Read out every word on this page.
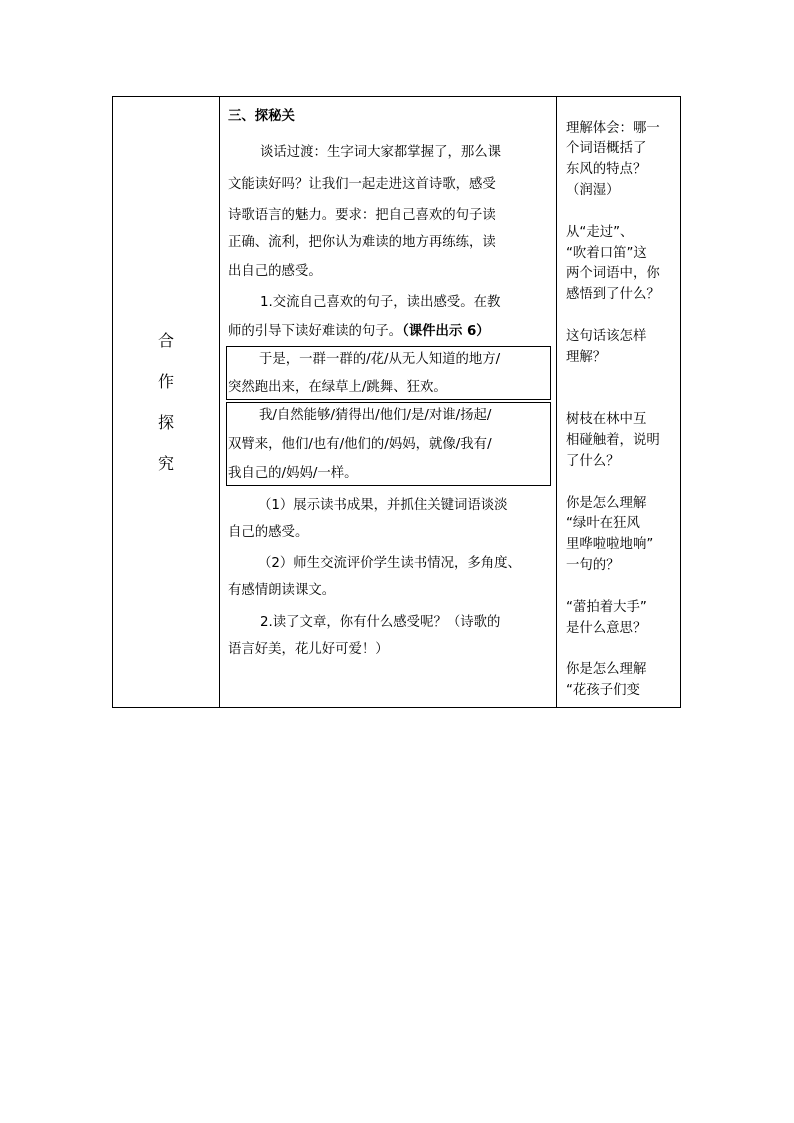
合
作
探
究
三、探秘关
谈话过渡：生字词大家都掌握了，那么课
文能读好吗？让我们一起走进这首诗歌，感受
诗歌语言的魅力。要求：把自己喜欢的句子读
正确、流利，把你认为难读的地方再练练，读
出自己的感受。
1.交流自己喜欢的句子，读出感受。在教
师的引导下读好难读的句子。（课件出示 6）
于是，一群一群的/花/从无人知道的地方/
突然跑出来，在绿草上/跳舞、狂欢。
我/自然能够/猜得出/他们/是/对谁/扬起/
双臂来，他们/也有/他们的/妈妈，就像/我有/
我自己的/妈妈/一样。
（1）展示读书成果，并抓住关键词语谈淡
自己的感受。
（2）师生交流评价学生读书情况，多角度、
有感情朗读课文。
2.读了文章，你有什么感受呢？（诗歌的
语言好美，花儿好可爱！）
理解体会：哪一
个词语概括了
东风的特点？
（润湿）
从“走过”、
“吹着口笛”这
两个词语中，你
感悟到了什么？
这句话该怎样
理解？
树枝在林中互
相碰触着，说明
了什么？
你是怎么理解
“绿叶在狂风
里哗啦啦地响”
一句的？
“蕾拍着大手”
是什么意思？
你是怎么理解
“花孩子们变
